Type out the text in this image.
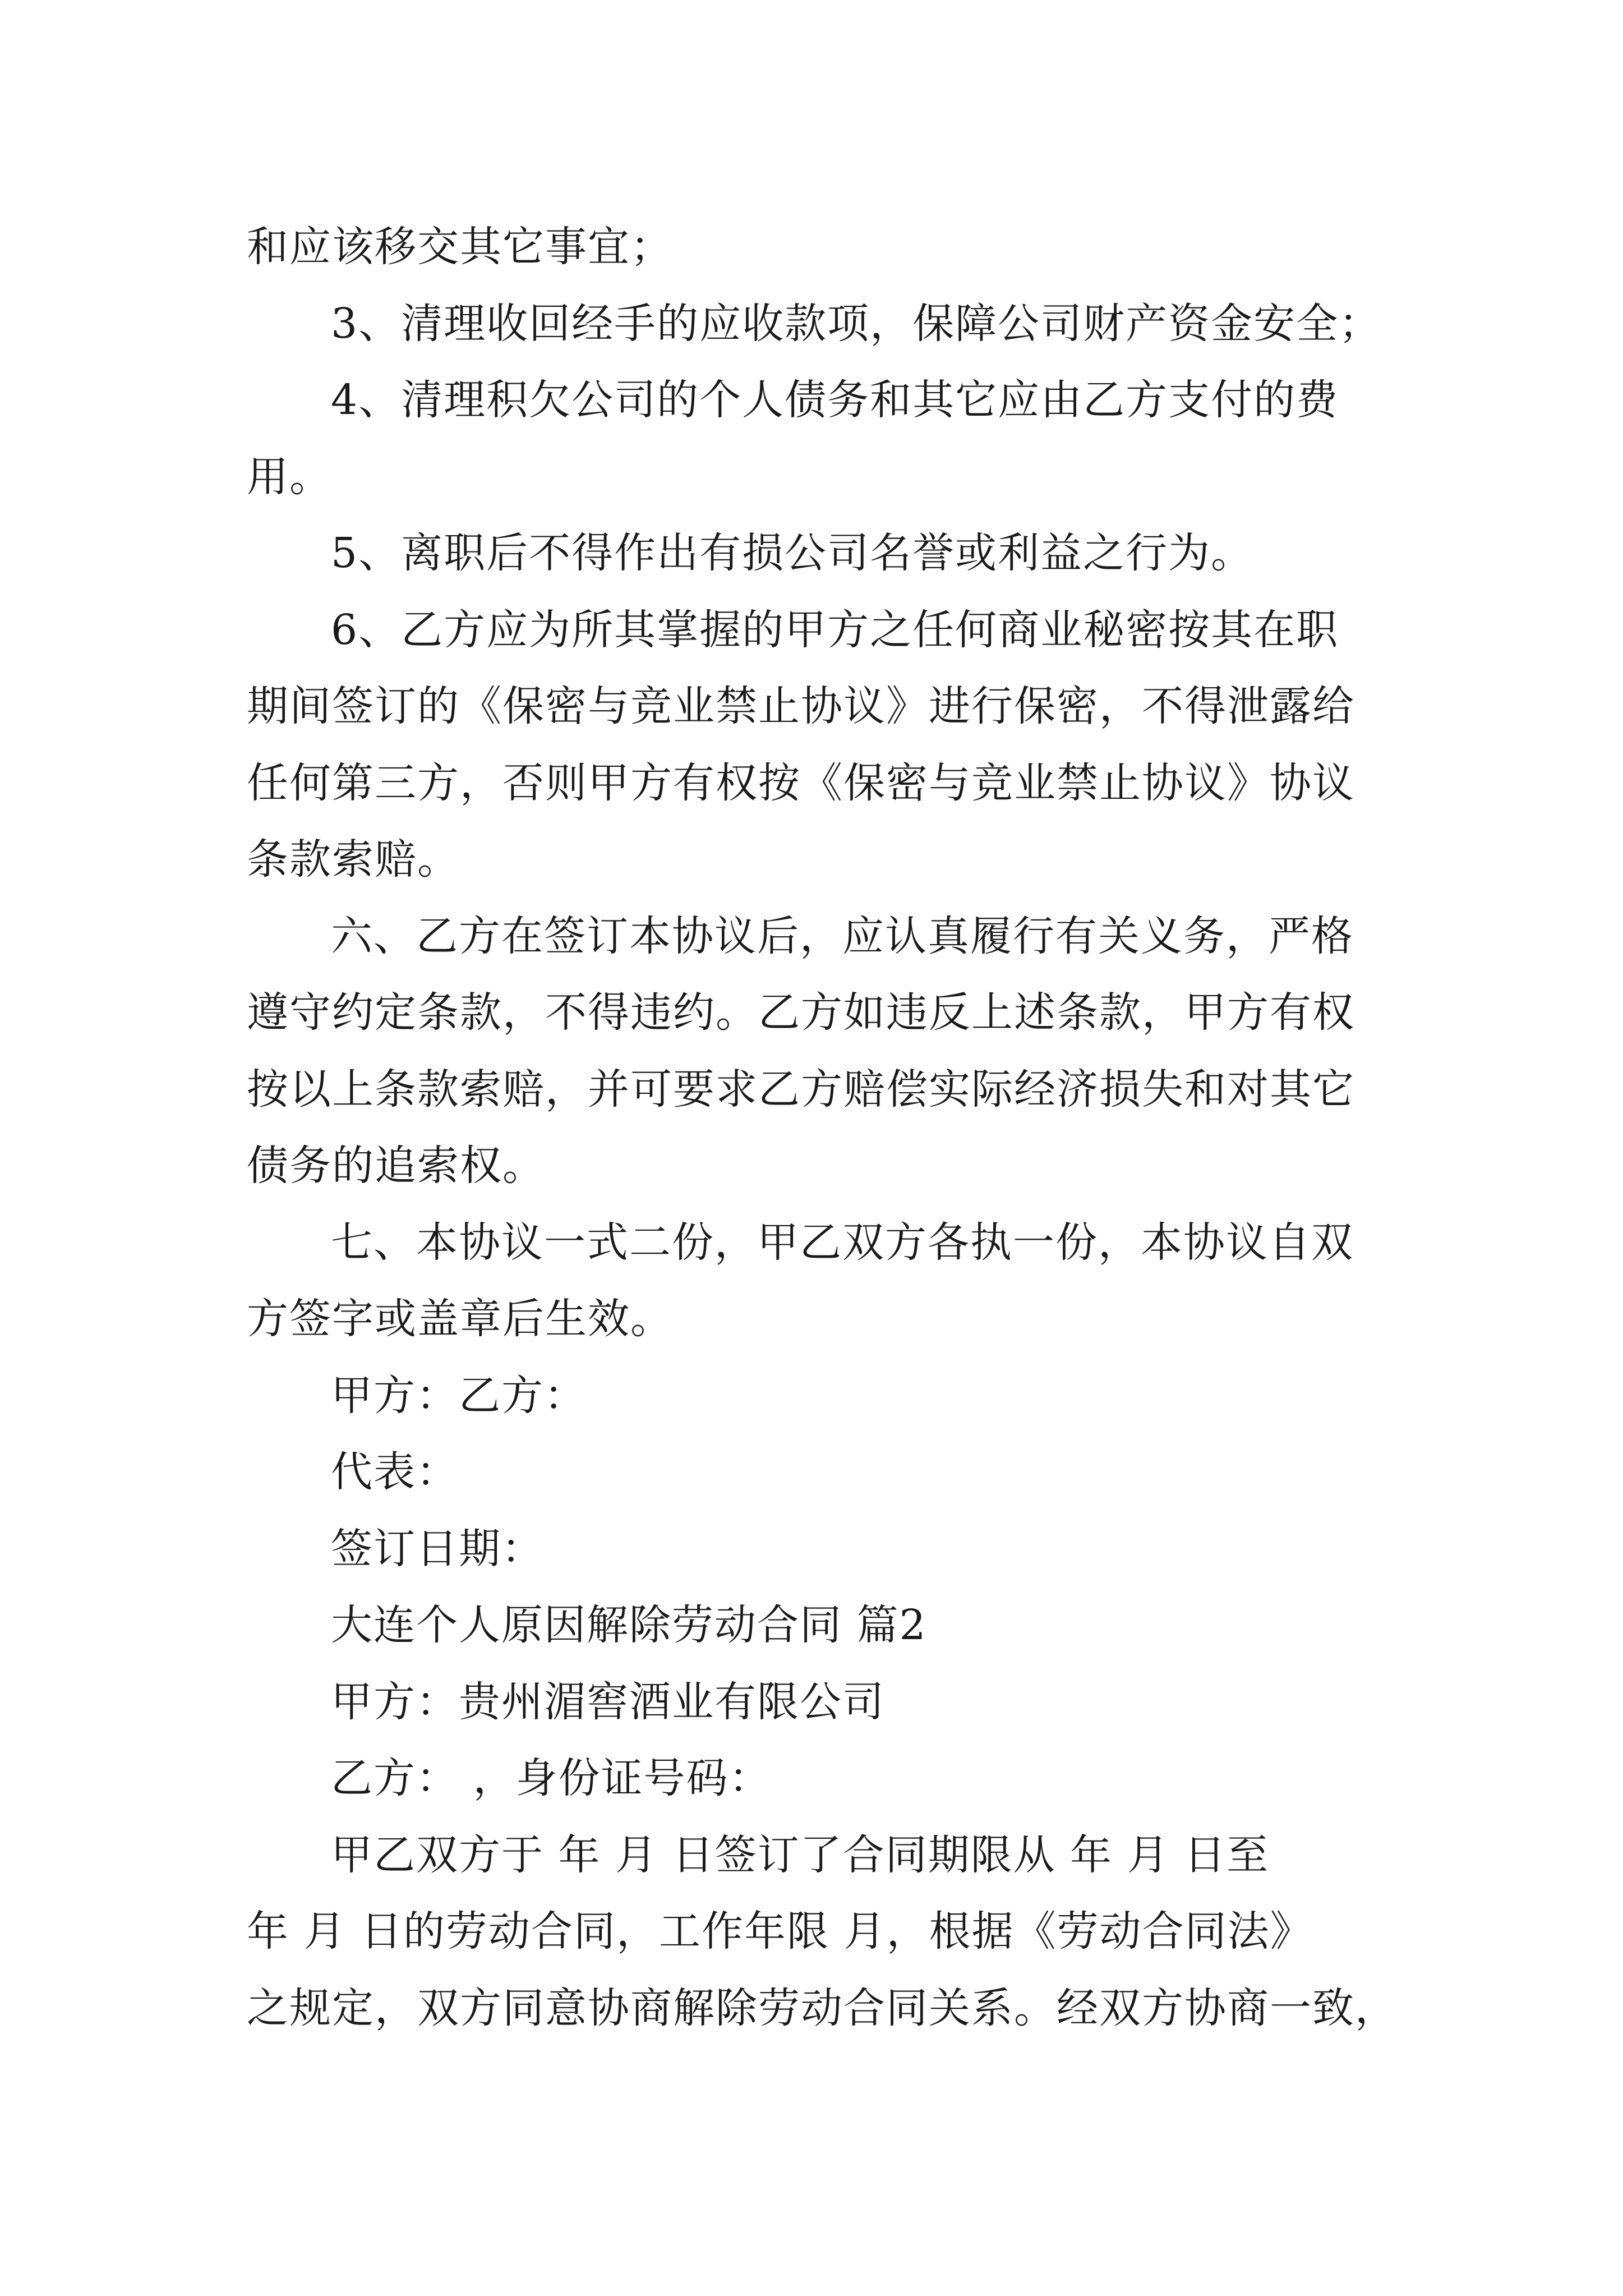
和应该移交其它事宜；
3、清理收回经手的应收款项，保障公司财产资金安全；
4、清理积欠公司的个人债务和其它应由乙方支付的费
用。
5、离职后不得作出有损公司名誉或利益之行为。
6、乙方应为所其掌握的甲方之任何商业秘密按其在职
期间签订的《保密与竞业禁止协议》进行保密，不得泄露给
任何第三方，否则甲方有权按《保密与竞业禁止协议》协议
条款索赔。
六、乙方在签订本协议后，应认真履行有关义务，严格
遵守约定条款，不得违约。乙方如违反上述条款，甲方有权
按以上条款索赔，并可要求乙方赔偿实际经济损失和对其它
债务的追索权。
七、本协议一式二份，甲乙双方各执一份，本协议自双
方签字或盖章后生效。
甲方：乙方：
代表：
签订日期：
大连个人原因解除劳动合同 篇2
甲方：贵州湄窖酒业有限公司
乙方： ，身份证号码：
甲乙双方于 年 月 日签订了合同期限从 年 月 日至
年 月 日的劳动合同，工作年限 月，根据《劳动合同法》
之规定，双方同意协商解除劳动合同关系。经双方协商一致，
